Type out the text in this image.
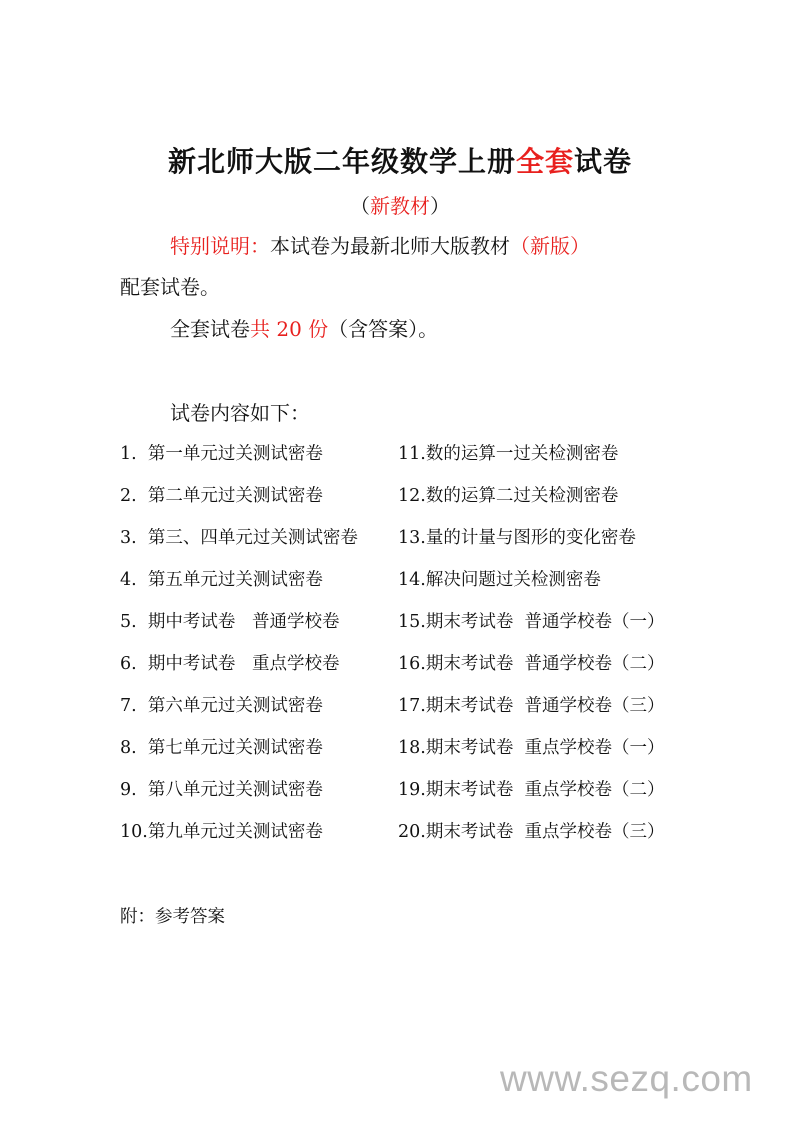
新北师大版二年级数学上册全套试卷
（新教材）
特别说明：本试卷为最新北师大版教材（新版）
配套试卷。
全套试卷共 20 份（含答案）。
试卷内容如下：
1.  第一单元过关测试密卷
2.  第二单元过关测试密卷
3.  第三、四单元过关测试密卷
4.  第五单元过关测试密卷
5.  期中考试卷   普通学校卷
6.  期中考试卷   重点学校卷
7.  第六单元过关测试密卷
8.  第七单元过关测试密卷
9.  第八单元过关测试密卷
10.第九单元过关测试密卷
11.数的运算一过关检测密卷
12.数的运算二过关检测密卷
13.量的计量与图形的变化密卷
14.解决问题过关检测密卷
15.期末考试卷  普通学校卷（一）
16.期末考试卷  普通学校卷（二）
17.期末考试卷  普通学校卷（三）
18.期末考试卷  重点学校卷（一）
19.期末考试卷  重点学校卷（二）
20.期末考试卷  重点学校卷（三）
附：参考答案
www.sezq.com
